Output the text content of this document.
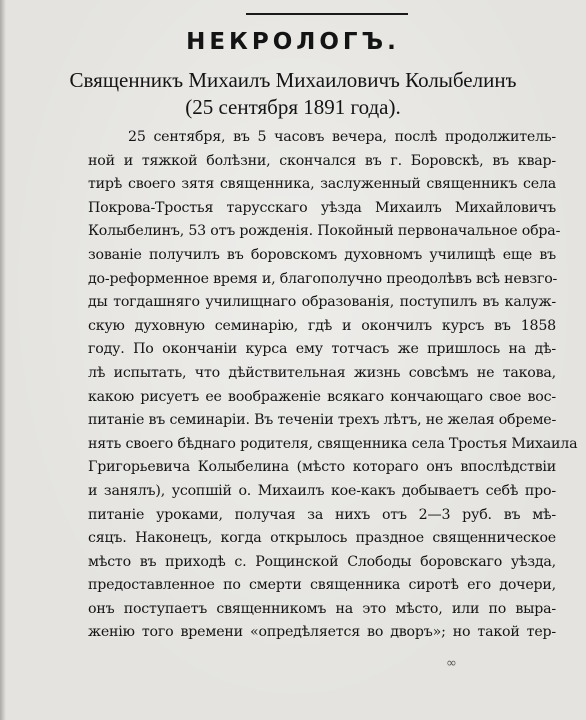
НЕКРОЛОГЪ.
Священникъ Михаилъ Михаиловичъ Колыбелинъ
(25 сентября 1891 года).
25 сентября, въ 5 часовъ вечера, послѣ продолжитель-
ной и тяжкой болѣзни, скончался въ г. Боровскѣ, въ квар-
тирѣ своего зятя священника, заслуженный священникъ села
Покрова-Тростья тарусскаго уѣзда Михаилъ Михайловичъ
Колыбелинъ, 53 отъ рожденія. Покойный первоначальное обра-
зованіе получилъ въ боровскомъ духовномъ училищѣ еще въ
до-реформенное время и, благополучно преодолѣвъ всѣ невзго-
ды тогдашняго училищнаго образованія, поступилъ въ калуж-
скую духовную семинарію, гдѣ и окончилъ курсъ въ 1858
году. По окончаніи курса ему тотчасъ же пришлось на дѣ-
лѣ испытать, что дѣйствительная жизнь совсѣмъ не такова,
какою рисуетъ ее воображеніе всякаго кончающаго свое вос-
питаніе въ семинаріи. Въ теченіи трехъ лѣтъ, не желая обреме-
нять своего бѣднаго родителя, священника села Тростья Михаила
Григорьевича Колыбелина (мѣсто котораго онъ впослѣдствіи
и занялъ), усопшій о. Михаилъ кое-какъ добываетъ себѣ про-
питаніе уроками, получая за нихъ отъ 2—3 руб. въ мѣ-
сяцъ. Наконецъ, когда открылось праздное священническое
мѣсто въ приходѣ с. Рощинской Слободы боровскаго уѣзда,
предоставленное по смерти священника сиротѣ его дочери,
онъ поступаетъ священникомъ на это мѣсто, или по выра-
женію того времени «опредѣляется во дворъ»; но такой тер-
∞
